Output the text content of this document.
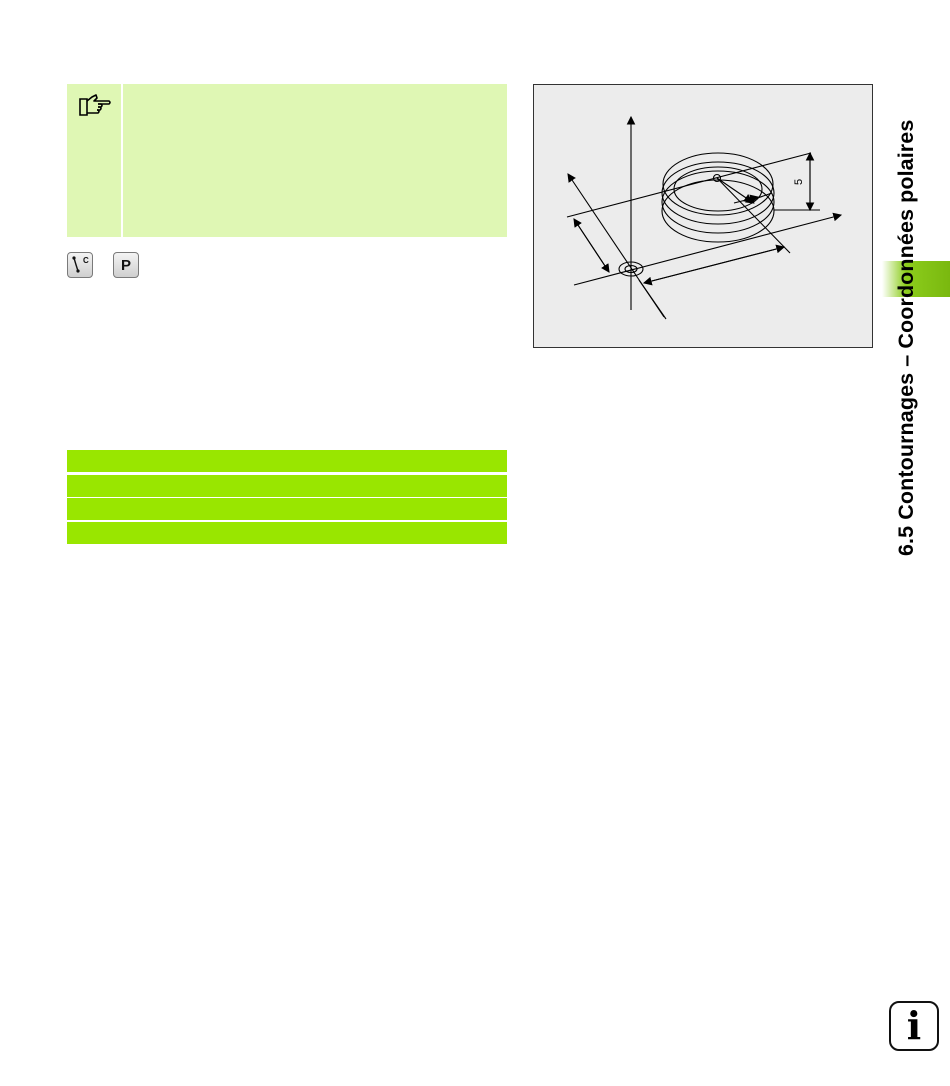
C P
5	6.5 Contournages – Coordonnées polaires
i
